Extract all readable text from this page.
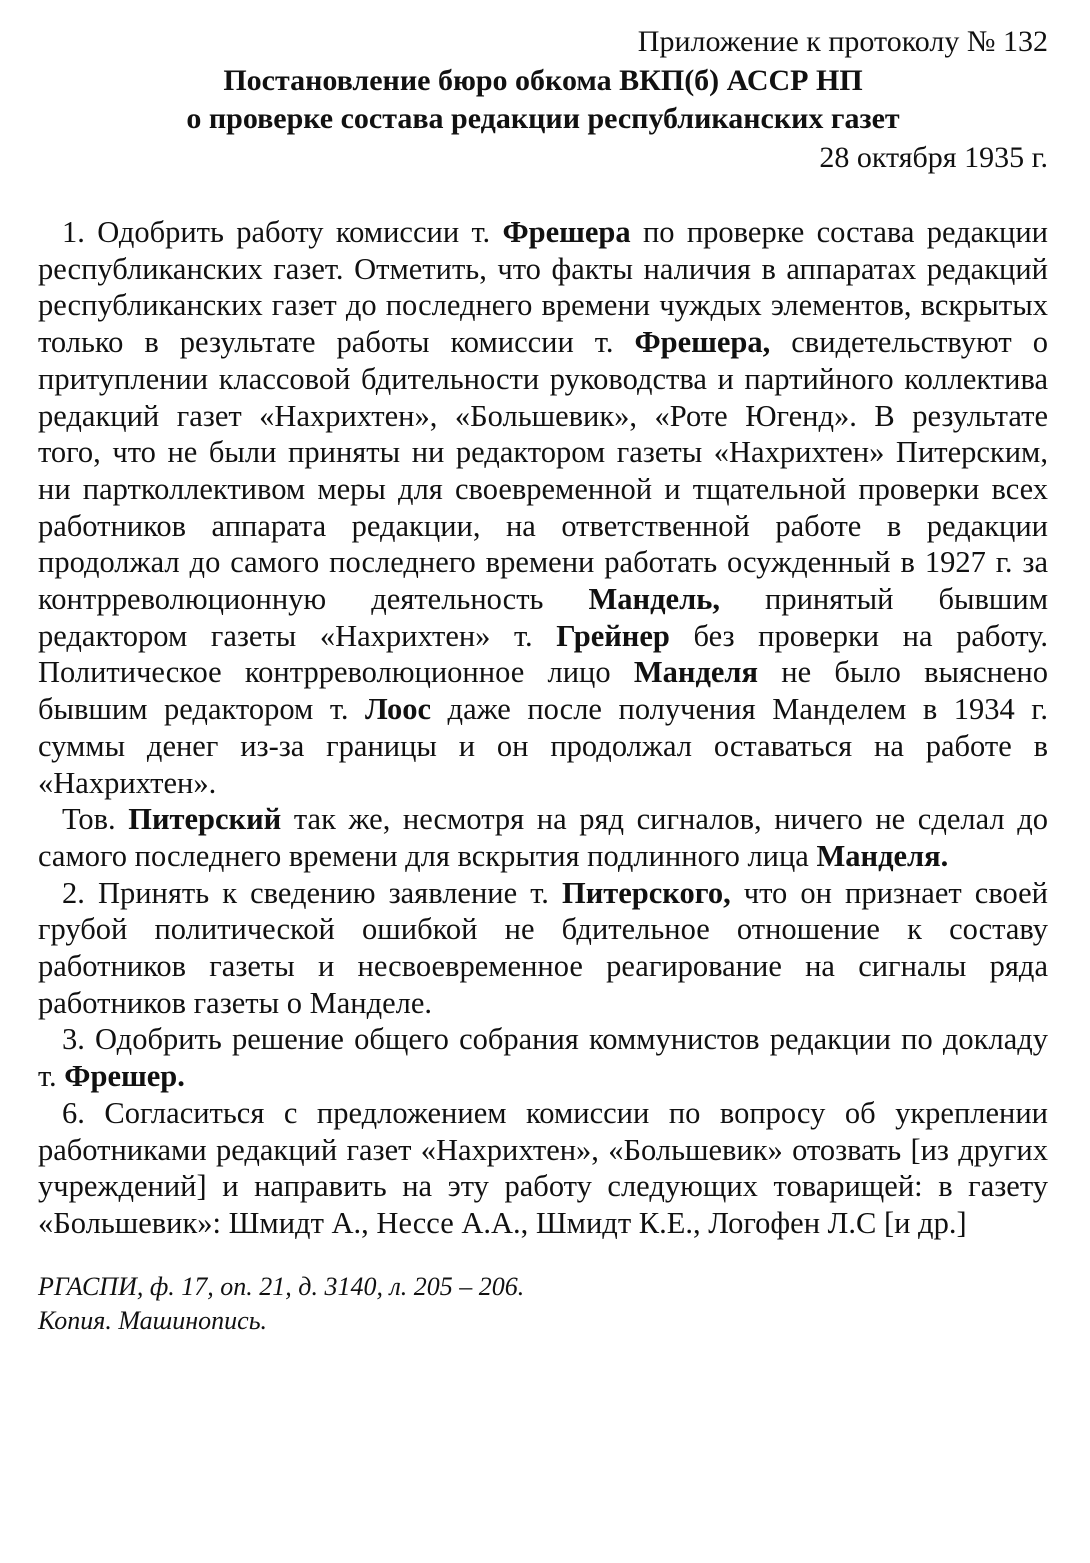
Приложение к протоколу № 132

Постановление бюро обкома ВКП(б) АССР НП

о проверке состава редакции республиканских газет

28 октября 1935 г.

1. Одобрить работу комиссии т. Фрешера по проверке состава редакции республиканских газет. Отметить, что факты наличия в аппаратах редакций республиканских газет до последнего времени чуждых элементов, вскрытых только в результате работы комиссии т. Фрешера, свидетельствуют о притуплении классовой бдительности руководства и партийного коллектива редакций газет «Нахрихтен», «Большевик», «Роте Югенд». В результате того, что не были приняты ни редактором газеты «Нахрихтен» Питерским, ни партколлективом меры для своевременной и тщательной проверки всех работников аппарата редакции, на ответственной работе в редакции продолжал до самого последнего времени работать осужденный в 1927 г. за контрреволюционную деятельность Мандель, принятый бывшим редактором газеты «Нахрихтен» т. Грейнер без проверки на работу. Политическое контрреволюционное лицо Манделя не было выяснено бывшим редактором т. Лоос даже после получения Манделем в 1934 г. суммы денег из-за границы и он продолжал оставаться на работе в «Нахрихтен».

Тов. Питерский так же, несмотря на ряд сигналов, ничего не сделал до самого последнего времени для вскрытия подлинного лица Манделя.

2. Принять к сведению заявление т. Питерского, что он признает своей грубой политической ошибкой не бдительное отношение к составу работников газеты и несвоевременное реагирование на сигналы ряда работников газеты о Манделе.

3. Одобрить решение общего собрания коммунистов редакции по докладу т. Фрешер.

6. Согласиться с предложением комиссии по вопросу об укреплении работниками редакций газет «Нахрихтен», «Большевик» отозвать [из других учреждений] и направить на эту работу следующих товарищей: в газету «Большевик»: Шмидт А., Нессе А.А., Шмидт К.Е., Логофен Л.С [и др.]

РГАСПИ, ф. 17, оп. 21, д. 3140, л. 205 – 206.
Копия. Машинопись.
